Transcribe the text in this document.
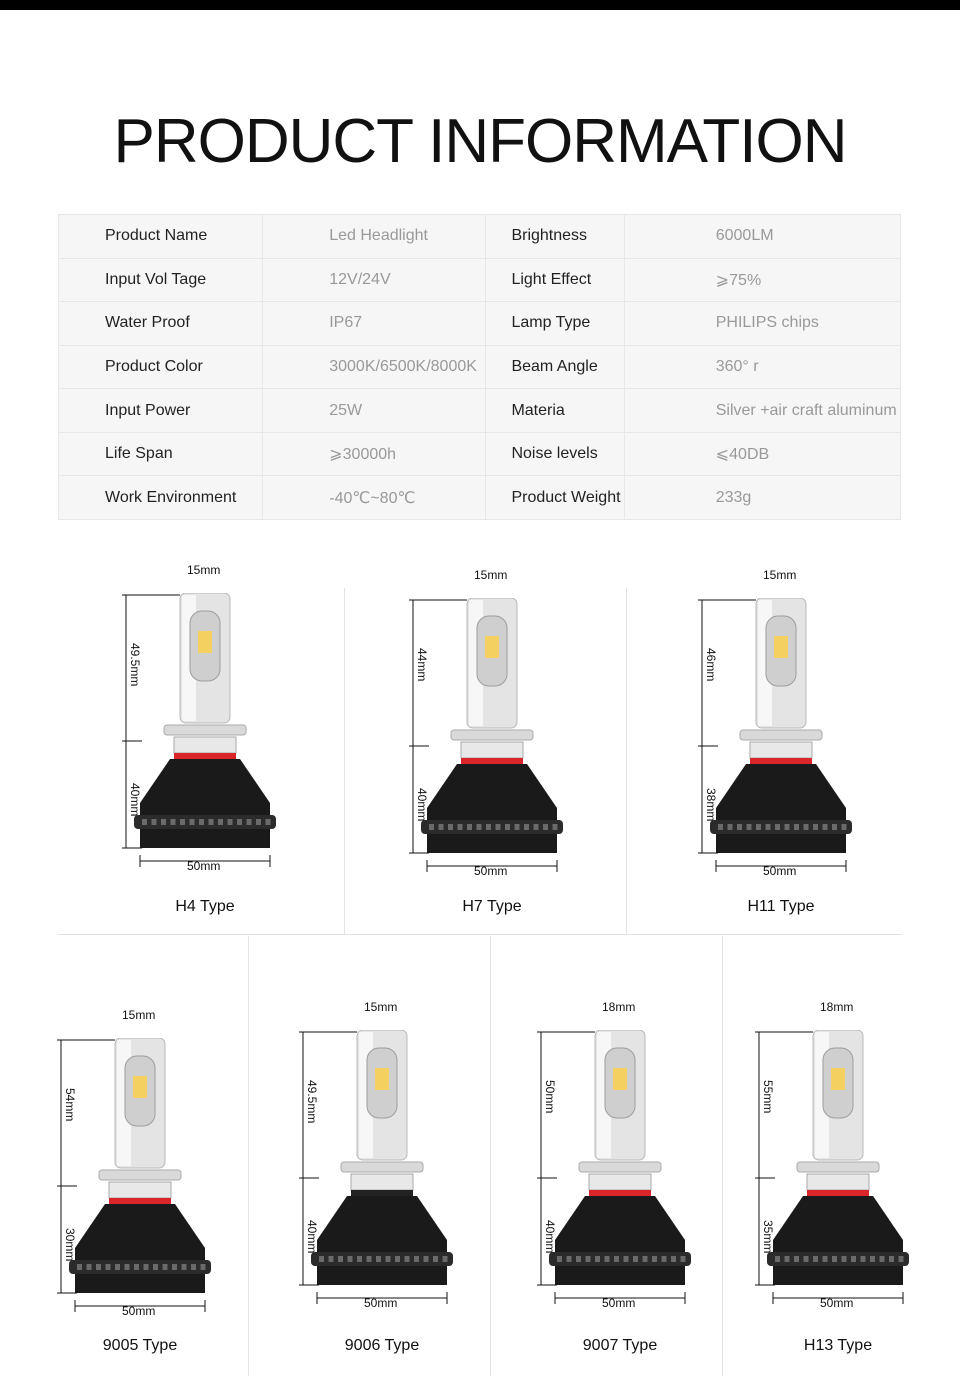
PRODUCT INFORMATION
Product Name	Led Headlight	Brightness	6000LM
Input Vol Tage	12V/24V	Light Effect	⩾75%
Water Proof	IP67	Lamp Type	PHILIPS chips
Product Color	3000K/6500K/8000K	Beam Angle	360° r
Input Power	25W	Materia	Silver +air craft aluminum
Life Span	⩾30000h	Noise levels	⩽40DB
Work Environment	-40℃~80℃	Product Weight	233g
15mm
49.5mm
40mm
50mm
H4 Type
15mm
44mm
40mm
50mm
H7 Type
15mm
46mm
38mm
50mm
H11 Type
15mm
54mm
30mm
50mm
9005 Type
15mm
49.5mm
40mm
50mm
9006 Type
18mm
50mm
40mm
50mm
9007 Type
18mm
55mm
35mm
50mm
H13 Type
